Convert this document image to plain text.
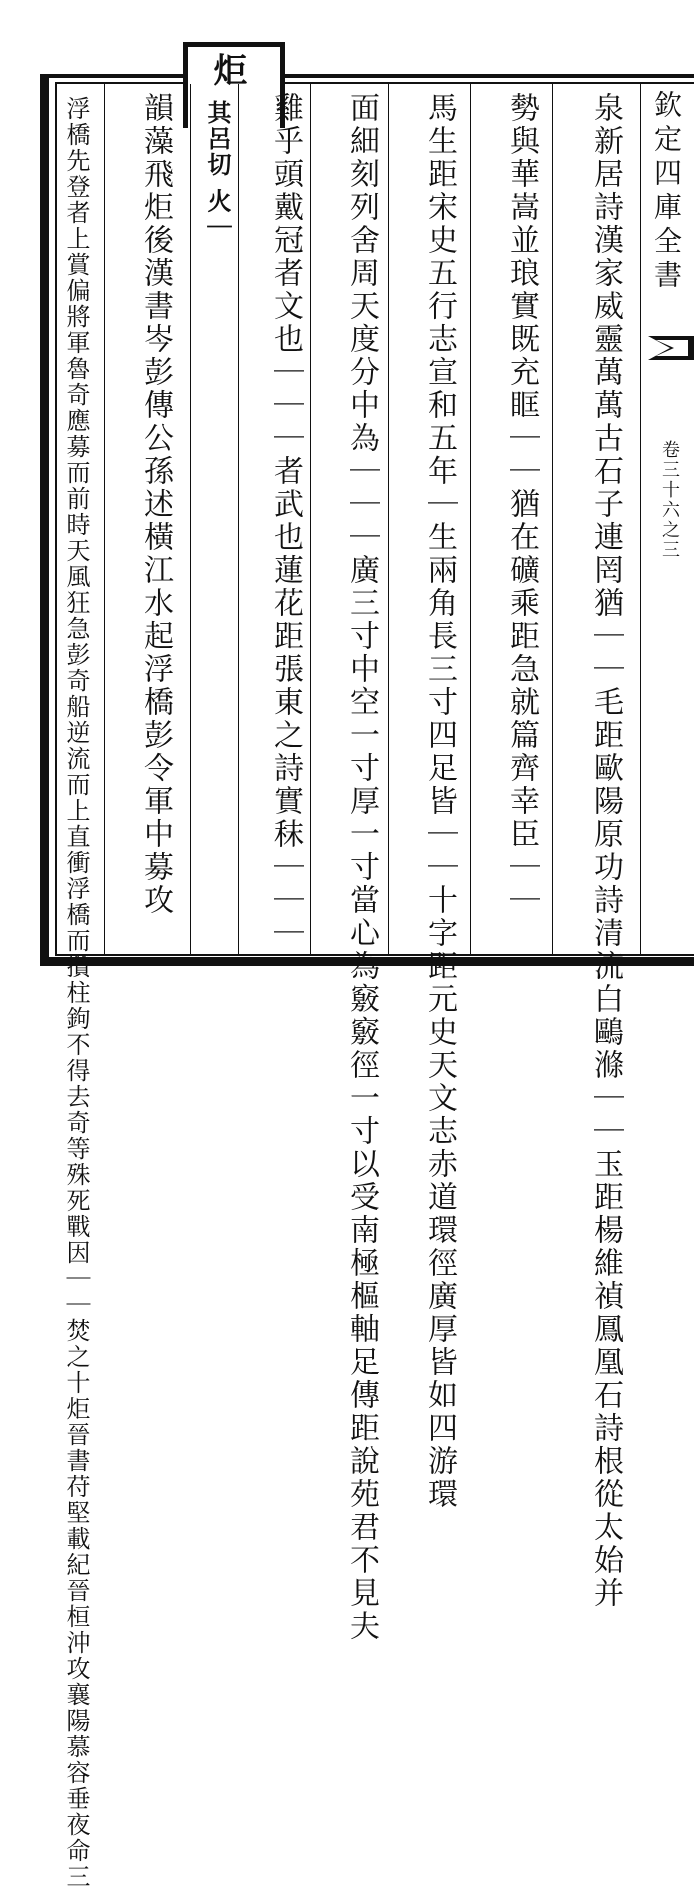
欽定四庫全書
卷三十六之三
泉新居詩漢家威靈萬萬古石子連罔猶｜｜毛距歐陽原功詩清流白鷗滌｜｜玉距楊維禎鳳凰石詩根從太始并
勢與華嵩並琅實既充眶｜｜猶在礦乘距急就篇齊幸臣｜｜
馬生距宋史五行志宣和五年｜生兩角長三寸四足皆｜｜十字距元史天文志赤道環徑廣厚皆如四游環
面細刻列舍周天度分中為｜｜｜廣三寸中空一寸厚一寸當心為竅竅徑一寸以受南極樞軸足傳距說苑君不見夫
雞乎頭戴冠者文也｜｜｜者武也蓮花距張東之詩實秣｜｜｜
炬
其呂切 火｜
韻藻飛炬後漢書岑彭傳公孫述橫江水起浮橋彭令軍中募攻
浮橋先登者上賞偏將軍魯奇應募而前時天風狂急彭奇船逆流而上直衝浮橋而攢柱鉤不得去奇等殊死戰因｜｜焚之十炬晉書苻堅載紀晉桓沖攻襄陽慕容垂夜命三
